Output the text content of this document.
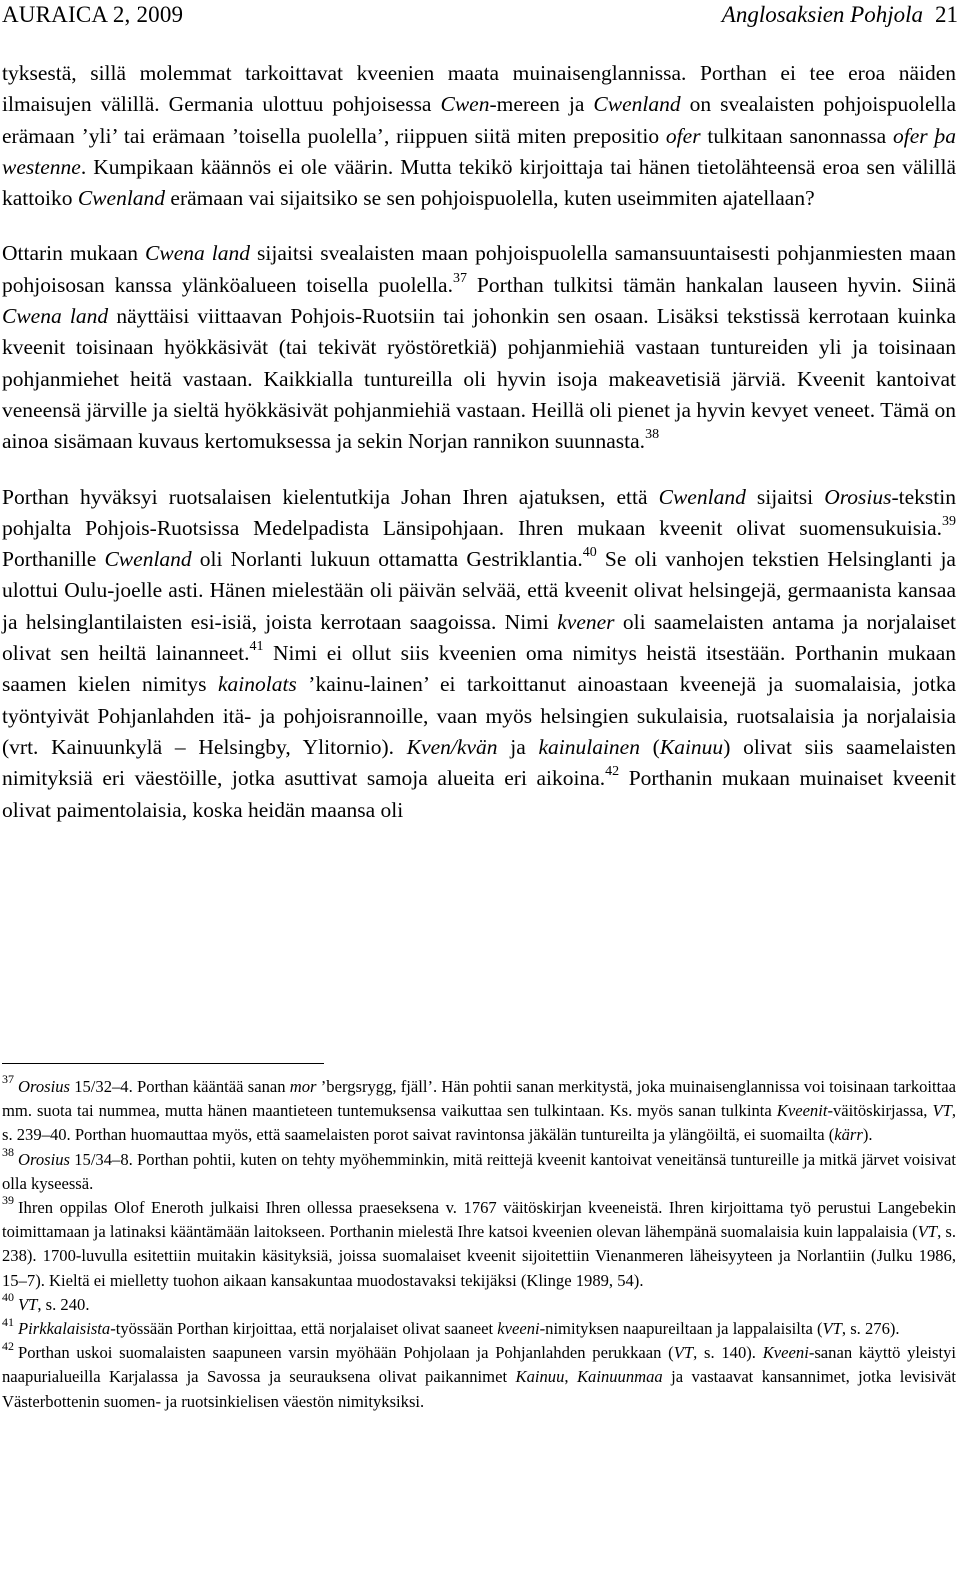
AURAICA 2, 2009	Anglosaksien Pohjola 21

tyksestä, sillä molemmat tarkoittavat kveenien maata muinaisenglannissa. Porthan ei tee eroa näiden ilmaisujen välillä. Germania ulottuu pohjoisessa Cwen-mereen ja Cwenland on svealaisten pohjoispuolella erämaan ’yli’ tai erämaan ’toisella puolella’, riippuen siitä miten prepositio ofer tulkitaan sanonnassa ofer þa westenne. Kumpikaan käännös ei ole väärin. Mutta tekikö kirjoittaja tai hänen tietolähteensä eroa sen välillä kattoiko Cwenland erämaan vai sijaitsiko se sen pohjoispuolella, kuten useimmiten ajatellaan?

Ottarin mukaan Cwena land sijaitsi svealaisten maan pohjoispuolella samansuuntaisesti pohjanmiesten maan pohjoisosan kanssa ylänköalueen toisella puolella.$^{37}$ Porthan tulkitsi tämän hankalan lauseen hyvin. Siinä Cwena land näyttäisi viittaavan Pohjois-Ruotsiin tai johonkin sen osaan. Lisäksi tekstissä kerrotaan kuinka kveenit toisinaan hyökkäsivät (tai tekivät ryöstöretkiä) pohjanmiehiä vastaan tuntureiden yli ja toisinaan pohjanmiehet heitä vastaan. Kaikkialla tuntureilla oli hyvin isoja makeavetisiä järviä. Kveenit kantoivat veneensä järville ja sieltä hyökkäsivät pohjanmiehiä vastaan. Heillä oli pienet ja hyvin kevyet veneet. Tämä on ainoa sisämaan kuvaus kertomuksessa ja sekin Norjan rannikon suunnasta.$^{38}$

Porthan hyväksyi ruotsalaisen kielentutkija Johan Ihren ajatuksen, että Cwenland sijaitsi Orosius-tekstin pohjalta Pohjois-Ruotsissa Medelpadista Länsipohjaan. Ihren mukaan kveenit olivat suomensukuisia.$^{39}$ Porthanille Cwenland oli Norlanti lukuun ottamatta Gestriklantia.$^{40}$ Se oli vanhojen tekstien Helsinglanti ja ulottui Oulu-joelle asti. Hänen mielestään oli päivän selvää, että kveenit olivat helsingejä, germaanista kansaa ja helsinglantilaisten esi-isiä, joista kerrotaan saagoissa. Nimi kvener oli saamelaisten antama ja norjalaiset olivat sen heiltä lainanneet.$^{41}$ Nimi ei ollut siis kveenien oma nimitys heistä itsestään. Porthanin mukaan saamen kielen nimitys kainolats ’kainu-lainen’ ei tarkoittanut ainoastaan kveenejä ja suomalaisia, jotka työntyivät Pohjanlahden itä- ja pohjoisrannoille, vaan myös helsingien sukulaisia, ruotsalaisia ja norjalaisia (vrt. Kainuunkylä – Helsingby, Ylitornio). Kven/kvän ja kainulainen (Kainuu) olivat siis saamelaisten nimityksiä eri väestöille, jotka asuttivat samoja alueita eri aikoina.$^{42}$ Porthanin mukaan muinaiset kveenit olivat paimentolaisia, koska heidän maansa oli

$^{37}$ Orosius 15/32–4. Porthan kääntää sanan mor ’bergsrygg, fjäll’. Hän pohtii sanan merkitystä, joka muinaisenglannissa voi toisinaan tarkoittaa mm. suota tai nummea, mutta hänen maantieteen tuntemuksensa vaikuttaa sen tulkintaan. Ks. myös sanan tulkinta Kveenit-väitöskirjassa, VT, s. 239–40. Porthan huomauttaa myös, että saamelaisten porot saivat ravintonsa jäkälän tuntureilta ja ylängöiltä, ei suomailta (kärr).

$^{38}$ Orosius 15/34–8. Porthan pohtii, kuten on tehty myöhemminkin, mitä reittejä kveenit kantoivat veneitänsä tuntureille ja mitkä järvet voisivat olla kyseessä.

$^{39}$ Ihren oppilas Olof Eneroth julkaisi Ihren ollessa praeseksena v. 1767 väitöskirjan kveeneistä. Ihren kirjoittama työ perustui Langebekin toimittamaan ja latinaksi kääntämään laitokseen. Porthanin mielestä Ihre katsoi kveenien olevan lähempänä suomalaisia kuin lappalaisia (VT, s. 238). 1700-luvulla esitettiin muitakin käsityksiä, joissa suomalaiset kveenit sijoitettiin Vienanmeren läheisyyteen ja Norlantiin (Julku 1986, 15–7). Kieltä ei mielletty tuohon aikaan kansakuntaa muodostavaksi tekijäksi (Klinge 1989, 54).

$^{40}$ VT, s. 240.

$^{41}$ Pirkkalaisista-työssään Porthan kirjoittaa, että norjalaiset olivat saaneet kveeni-nimityksen naapureiltaan ja lappalaisilta (VT, s. 276).

$^{42}$ Porthan uskoi suomalaisten saapuneen varsin myöhään Pohjolaan ja Pohjanlahden perukkaan (VT, s. 140). Kveeni-sanan käyttö yleistyi naapurialueilla Karjalassa ja Savossa ja seurauksena olivat paikannimet Kainuu, Kainuunmaa ja vastaavat kansannimet, jotka levisivät Västerbottenin suomen- ja ruotsinkielisen väestön nimityksiksi.
